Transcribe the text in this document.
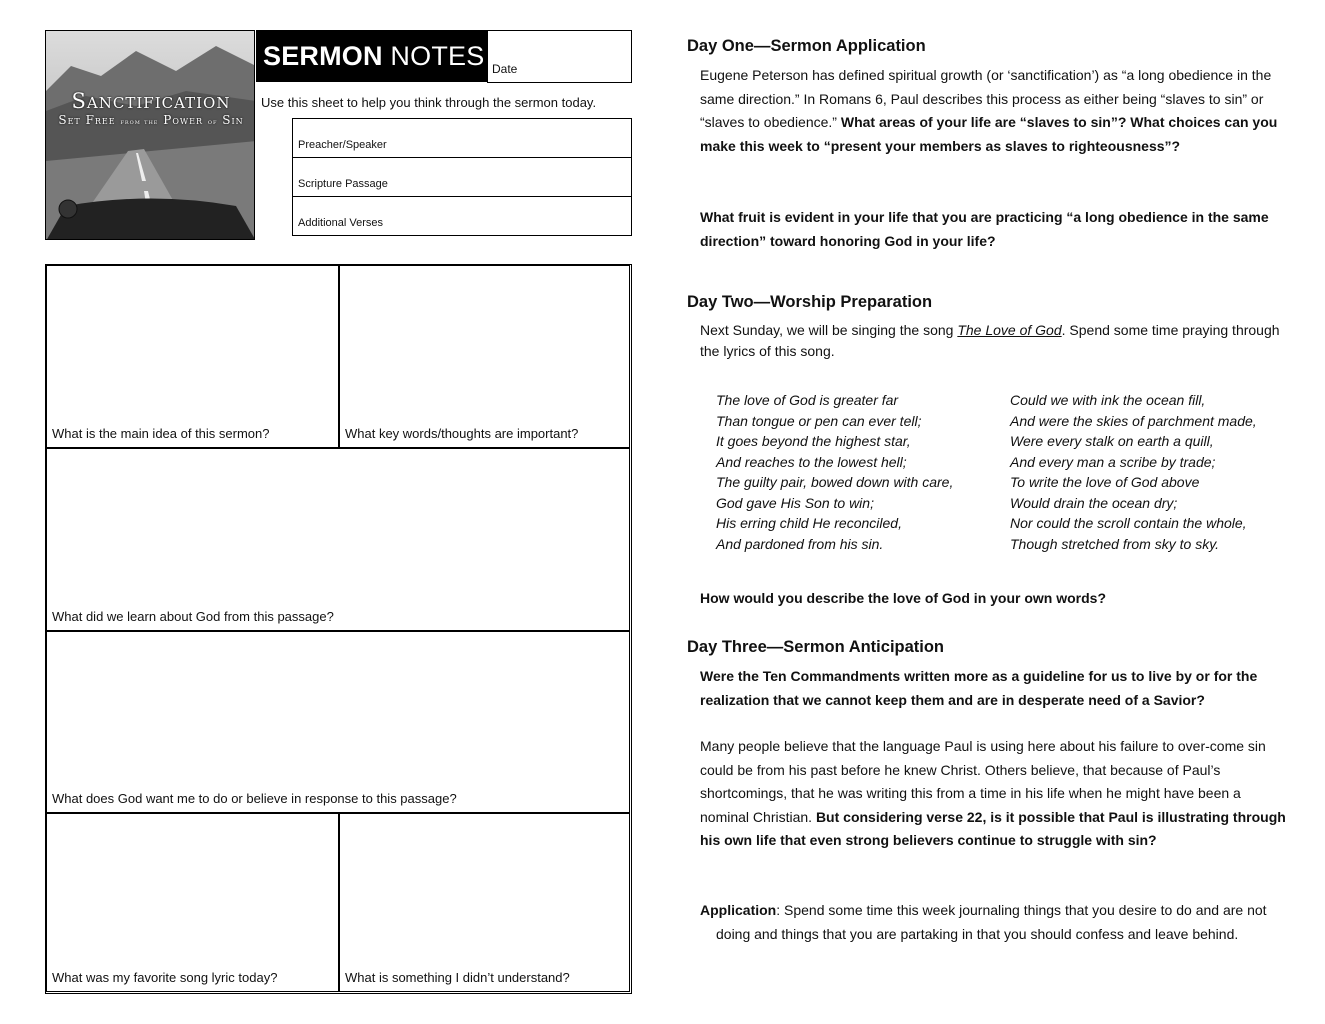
Sanctification
Set Free from the Power of Sin
SERMON NOTES Date
Use this sheet to help you think through the sermon today.
Preacher/Speaker
Scripture Passage
Additional Verses
What is the main idea of this sermon?	What key words/thoughts are important?
What did we learn about God from this passage?
What does God want me to do or believe in response to this passage?
What was my favorite song lyric today?	What is something I didn’t understand?
Day One—Sermon Application
Eugene Peterson has defined spiritual growth (or ‘sanctification’) as “a long obedience in the same direction.” In Romans 6, Paul describes this process as either being “slaves to sin” or “slaves to obedience.” What areas of your life are “slaves to sin”? What choices can you make this week to “present your members as slaves to righteousness”?
What fruit is evident in your life that you are practicing “a long obedience in the same direction” toward honoring God in your life?
Day Two—Worship Preparation
Next Sunday, we will be singing the song The Love of God. Spend some time praying through the lyrics of this song.
The love of God is greater far
Than tongue or pen can ever tell;
It goes beyond the highest star,
And reaches to the lowest hell;
The guilty pair, bowed down with care,
God gave His Son to win;
His erring child He reconciled,
And pardoned from his sin.
Could we with ink the ocean fill,
And were the skies of parchment made,
Were every stalk on earth a quill,
And every man a scribe by trade;
To write the love of God above
Would drain the ocean dry;
Nor could the scroll contain the whole,
Though stretched from sky to sky.
How would you describe the love of God in your own words?
Day Three—Sermon Anticipation
Were the Ten Commandments written more as a guideline for us to live by or for the realization that we cannot keep them and are in desperate need of a Savior?
Many people believe that the language Paul is using here about his failure to over-come sin could be from his past before he knew Christ. Others believe, that because of Paul’s shortcomings, that he was writing this from a time in his life when he might have been a nominal Christian. But considering verse 22, is it possible that Paul is illustrating through his own life that even strong believers continue to struggle with sin?
Application: Spend some time this week journaling things that you desire to do and are not doing and things that you are partaking in that you should confess and leave behind.
